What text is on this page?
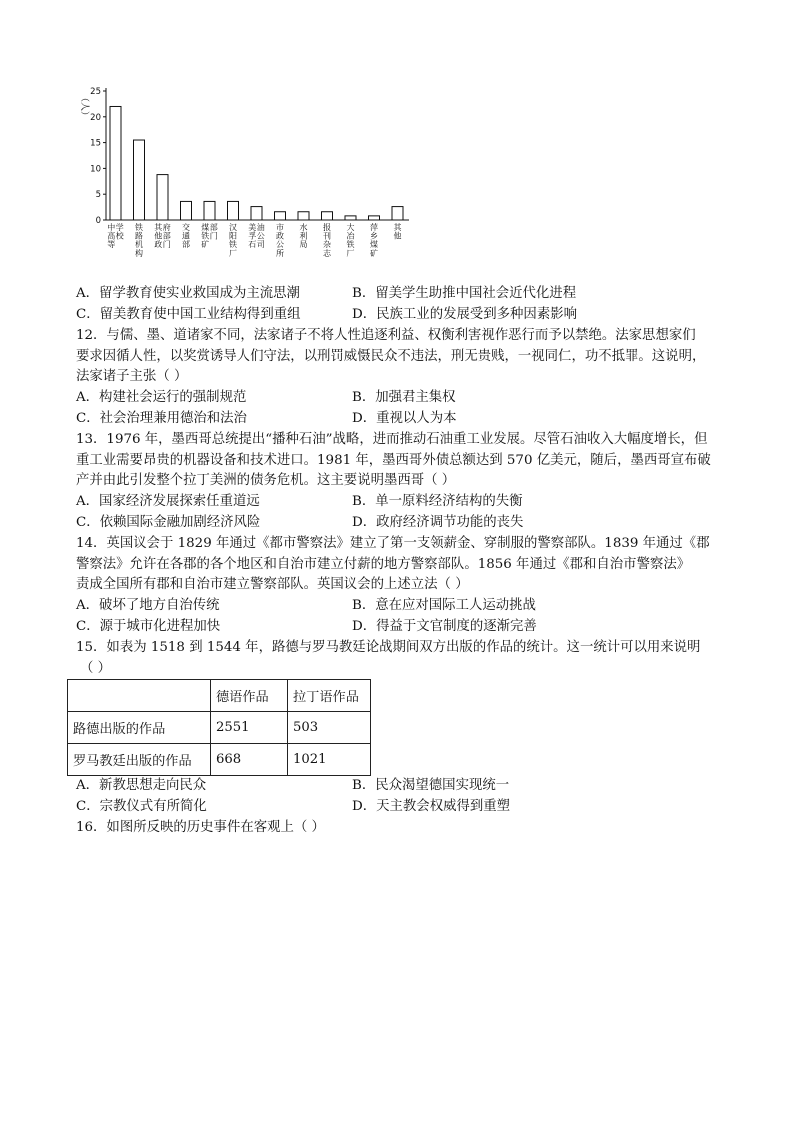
（人）
0
5
10
15
20
25
中高等学校
铁路机构
其他政府部门
交通部
煤铁矿部门
汉阳铁厂
美孚石油公司
市政公所
水利局
报刊杂志
大冶铁厂
萍乡煤矿
其他
A．留学教育使实业救国成为主流思潮	B．留美学生助推中国社会近代化进程
C．留美教育使中国工业结构得到重组	D．民族工业的发展受到多种因素影响
12．与儒、墨、道诸家不同，法家诸子不将人性追逐利益、权衡利害视作恶行而予以禁绝。法家思想家们
要求因循人性，以奖赏诱导人们守法，以刑罚威慑民众不违法，刑无贵贱，一视同仁，功不抵罪。这说明，
法家诸子主张（ ）
A．构建社会运行的强制规范	B．加强君主集权
C．社会治理兼用德治和法治	D．重视以人为本
13．1976 年，墨西哥总统提出“播种石油”战略，进而推动石油重工业发展。尽管石油收入大幅度增长，但
重工业需要昂贵的机器设备和技术进口。1981 年，墨西哥外债总额达到 570 亿美元，随后，墨西哥宣布破
产并由此引发整个拉丁美洲的债务危机。这主要说明墨西哥（ ）
A．国家经济发展探索任重道远	B．单一原料经济结构的失衡
C．依赖国际金融加剧经济风险	D．政府经济调节功能的丧失
14．英国议会于 1829 年通过《都市警察法》建立了第一支领薪金、穿制服的警察部队。1839 年通过《郡
警察法》允许在各郡的各个地区和自治市建立付薪的地方警察部队。1856 年通过《郡和自治市警察法》
责成全国所有郡和自治市建立警察部队。英国议会的上述立法（ ）
A．破坏了地方自治传统	B．意在应对国际工人运动挑战
C．源于城市化进程加快	D．得益于文官制度的逐渐完善
15．如表为 1518 到 1544 年，路德与罗马教廷论战期间双方出版的作品的统计。这一统计可以用来说明
（ ）
	德语作品	拉丁语作品
路德出版的作品	2551	503
罗马教廷出版的作品	668	1021
A．新教思想走向民众	B．民众渴望德国实现统一
C．宗教仪式有所简化	D．天主教会权威得到重塑
16．如图所反映的历史事件在客观上（ ）
